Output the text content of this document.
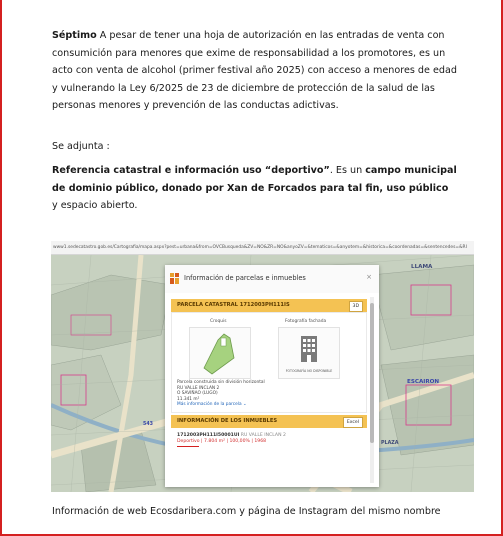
Séptimo A pesar de tener una hoja de autorización en las entradas de venta con consumición para menores que exime de responsabilidad a los promotores, es un acto con venta de alcohol (primer festival año 2025) con acceso a menores de edad y vulnerando la Ley 6/2025 de 23 de diciembre de protección de la salud de las personas menores y prevención de las conductas adictivas.
Se adjunta :
Referencia catastral e información uso “deportivo”. Es un campo municipal de dominio público, donado por Xan de Forcados para tal fin, uso público y espacio abierto.
www1.sedecatastro.gob.es/Cartografia/mapa.aspx?pest=urbana&from=OVCBusqueda&ZV=NO&ZR=NO&anyoZV=&tematicos=&anyotem=&historica=&coordenadas=&sentencedes=&RI
LLAMA
ESCAIRON
PLAZA
543
Información de parcelas e inmuebles	×
PARCELA CATASTRAL 1712003PH111IS	3D
Croquis	Fotografía fachada
FOTOGRAFÍA NO DISPONIBLE
Parcela construida sin división horizontal
RU VALLE INCLAN 2
O SAVIÑAO (LUGO)
11.341 m²
Más información de la parcela ⌄
INFORMACIÓN DE LOS INMUEBLES	Excel
1712003PH111I50001UI RU VALLE INCLAN 2
Deportivo | 7.804 m² | 100,00% | 1968
Información de web Ecosdaribera.com y página de Instagram del mismo nombre
